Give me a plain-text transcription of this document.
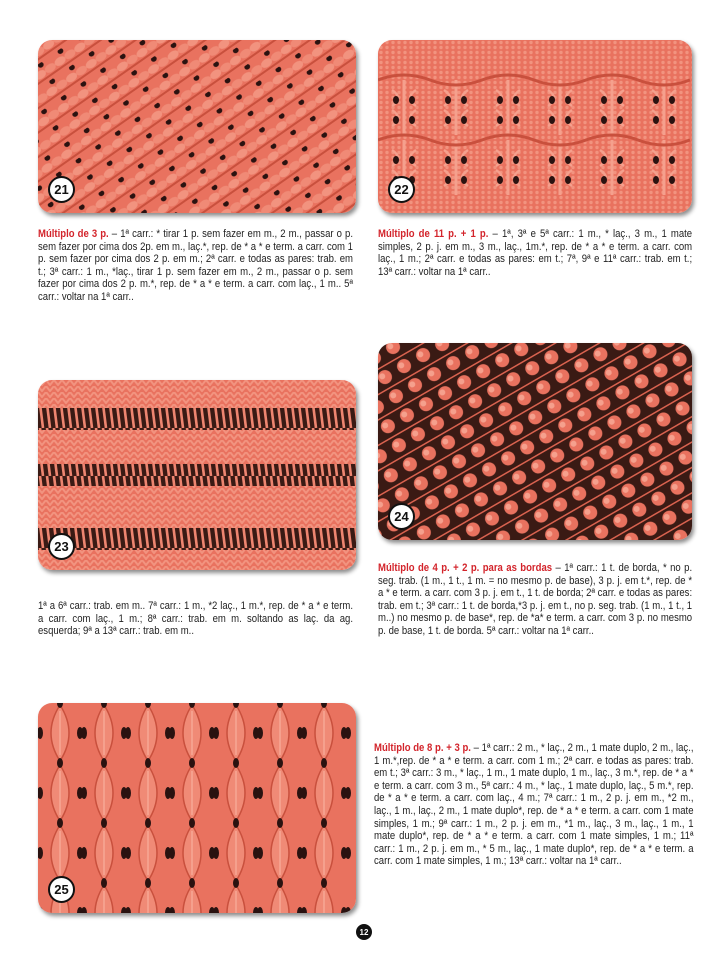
21	22
23
24
25
Múltiplo de 3 p. – 1ª carr.: * tirar 1 p. sem fazer em m., 2 m., passar o p. sem fazer por cima dos 2p. em m., laç.*, rep. de * a * e term. a carr. com 1 p. sem fazer por cima dos 2 p. em m.; 2ª carr. e todas as pares: trab. em t.; 3ª carr.: 1 m., *laç., tirar 1 p. sem fazer em m., 2 m., passar o p. sem fazer por cima dos 2 p. m.*, rep. de * a * e term. a carr. com laç., 1 m.. 5ª carr.: voltar na 1ª carr..
Múltiplo de 11 p. + 1 p. – 1ª, 3ª e 5ª carr.: 1 m., * laç., 3 m., 1 mate simples, 2 p. j. em m., 3 m., laç., 1m.*, rep. de * a * e term. a carr. com laç., 1 m.; 2ª carr. e todas as pares: em t.; 7ª, 9ª e 11ª carr.: trab. em t.; 13ª carr.: voltar na 1ª carr..
1ª a 6ª carr.: trab. em m.. 7ª carr.: 1 m., *2 laç., 1 m.*, rep. de * a * e term. a carr. com laç., 1 m.; 8ª carr.: trab. em m. soltando as laç. da ag. esquerda; 9ª a 13ª carr.: trab. em m..
Múltiplo de 4 p. + 2 p. para as bordas – 1ª carr.: 1 t. de borda, * no p. seg. trab. (1 m., 1 t., 1 m. = no mesmo p. de base), 3 p. j. em t.*, rep. de * a * e term. a carr. com 3 p. j. em t., 1 t. de borda; 2ª carr. e todas as pares: trab. em t.; 3ª carr.: 1 t. de borda,*3 p. j. em t., no p. seg. trab. (1 m., 1 t., 1 m..) no mesmo p. de base*, rep. de *a* e term. a carr. com 3 p. no mesmo p. de base, 1 t. de borda. 5ª carr.: voltar na 1ª carr..
Múltiplo de 8 p. + 3 p. – 1ª carr.: 2 m., * laç., 2 m., 1 mate duplo, 2 m., laç., 1 m.*,rep. de * a * e term. a carr. com 1 m.; 2ª carr. e todas as pares: trab. em t.; 3ª carr.: 3 m., * laç., 1 m., 1 mate duplo, 1 m., laç., 3 m.*, rep. de * a * e term. a carr. com 3 m., 5ª carr.: 4 m., * laç., 1 mate duplo, laç., 5 m.*, rep. de * a * e term. a carr. com laç., 4 m.; 7ª carr.: 1 m., 2 p. j. em m., *2 m., laç., 1 m., laç., 2 m., 1 mate duplo*, rep. de * a * e term. a carr. com 1 mate simples, 1 m.; 9ª carr.: 1 m., 2 p. j. em m., *1 m., laç., 3 m., laç., 1 m., 1 mate duplo*, rep. de * a * e term. a carr. com 1 mate simples, 1 m.; 11ª carr.: 1 m., 2 p. j. em m., * 5 m., laç., 1 mate duplo*, rep. de * a * e term. a carr. com 1 mate simples, 1 m.; 13ª carr.: voltar na 1ª carr..
12
